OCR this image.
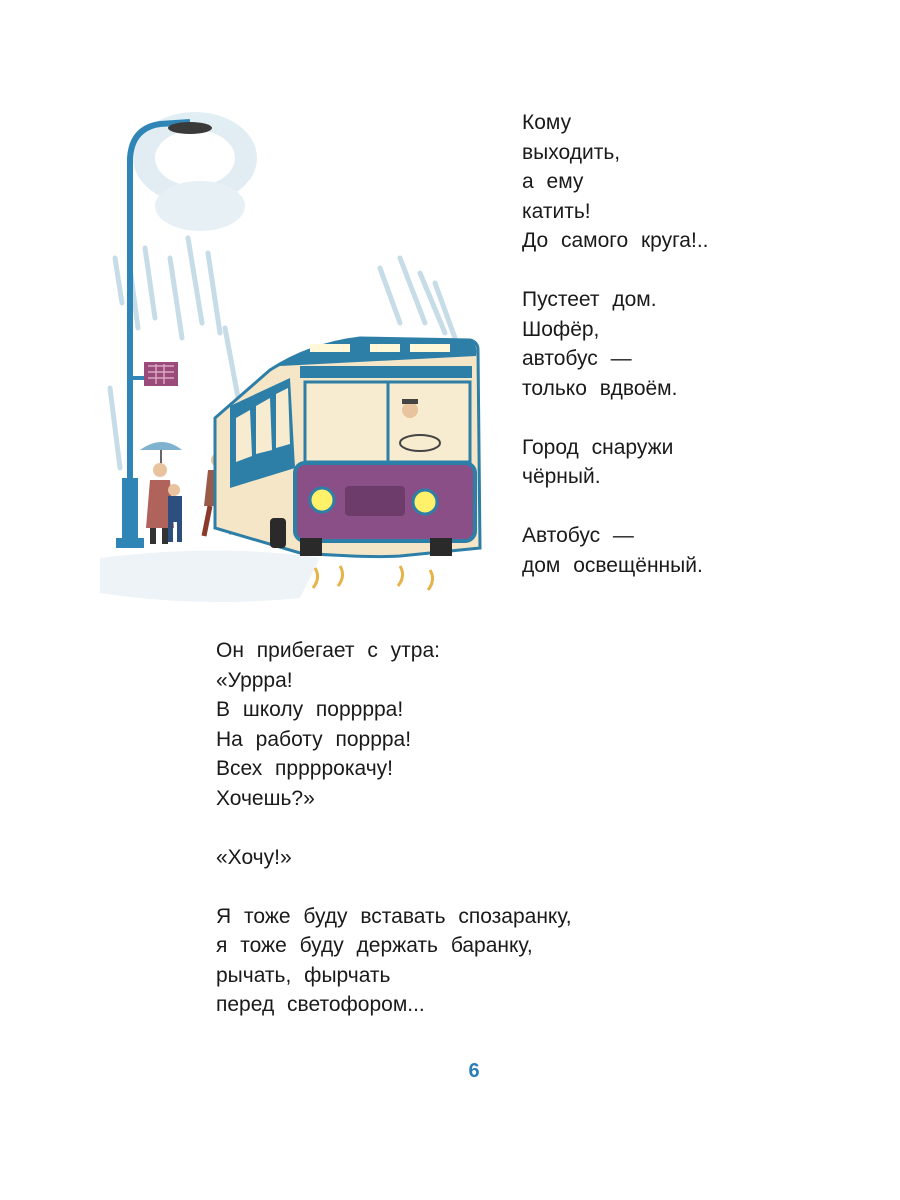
Кому
выходить,
а ему
катить!
До самого круга!..
Пустеет дом.
Шофёр,
автобус —
только вдвоём.
Город снаружи
чёрный.
Автобус —
дом освещённый.
Он прибегает с утра:
«Уррра!
В школу порррра!
На работу порррa!
Всех пррррокачу!
Хочешь?»
«Хочу!»
Я тоже буду вставать спозаранку,
я тоже буду держать баранку,
рычать, фырчать
перед светофором...
6
